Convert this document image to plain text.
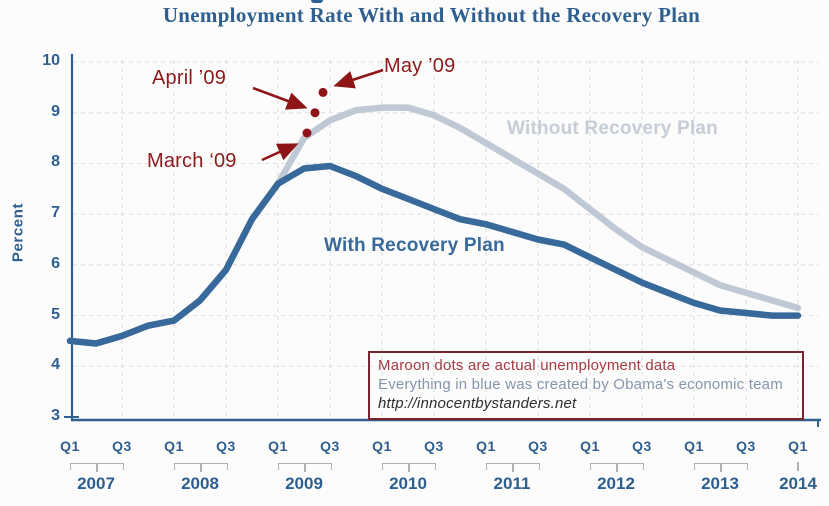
Unemployment Rate With and Without the Recovery Plan
Percent
10
9
8
7
6
5
4
3
Q1	Q3
2007
Q1	Q3
2008
Q1	Q3
2009
Q1	Q3
2010
Q1	Q3
2011
Q1	Q3
2012
Q1	Q3
2013
Q1
2014
April ’09
May ’09
March ‘09
With Recovery Plan
Without Recovery Plan
Maroon dots are actual unemployment data
Everything in blue was created by Obama's economic team
http://innocentbystanders.net
